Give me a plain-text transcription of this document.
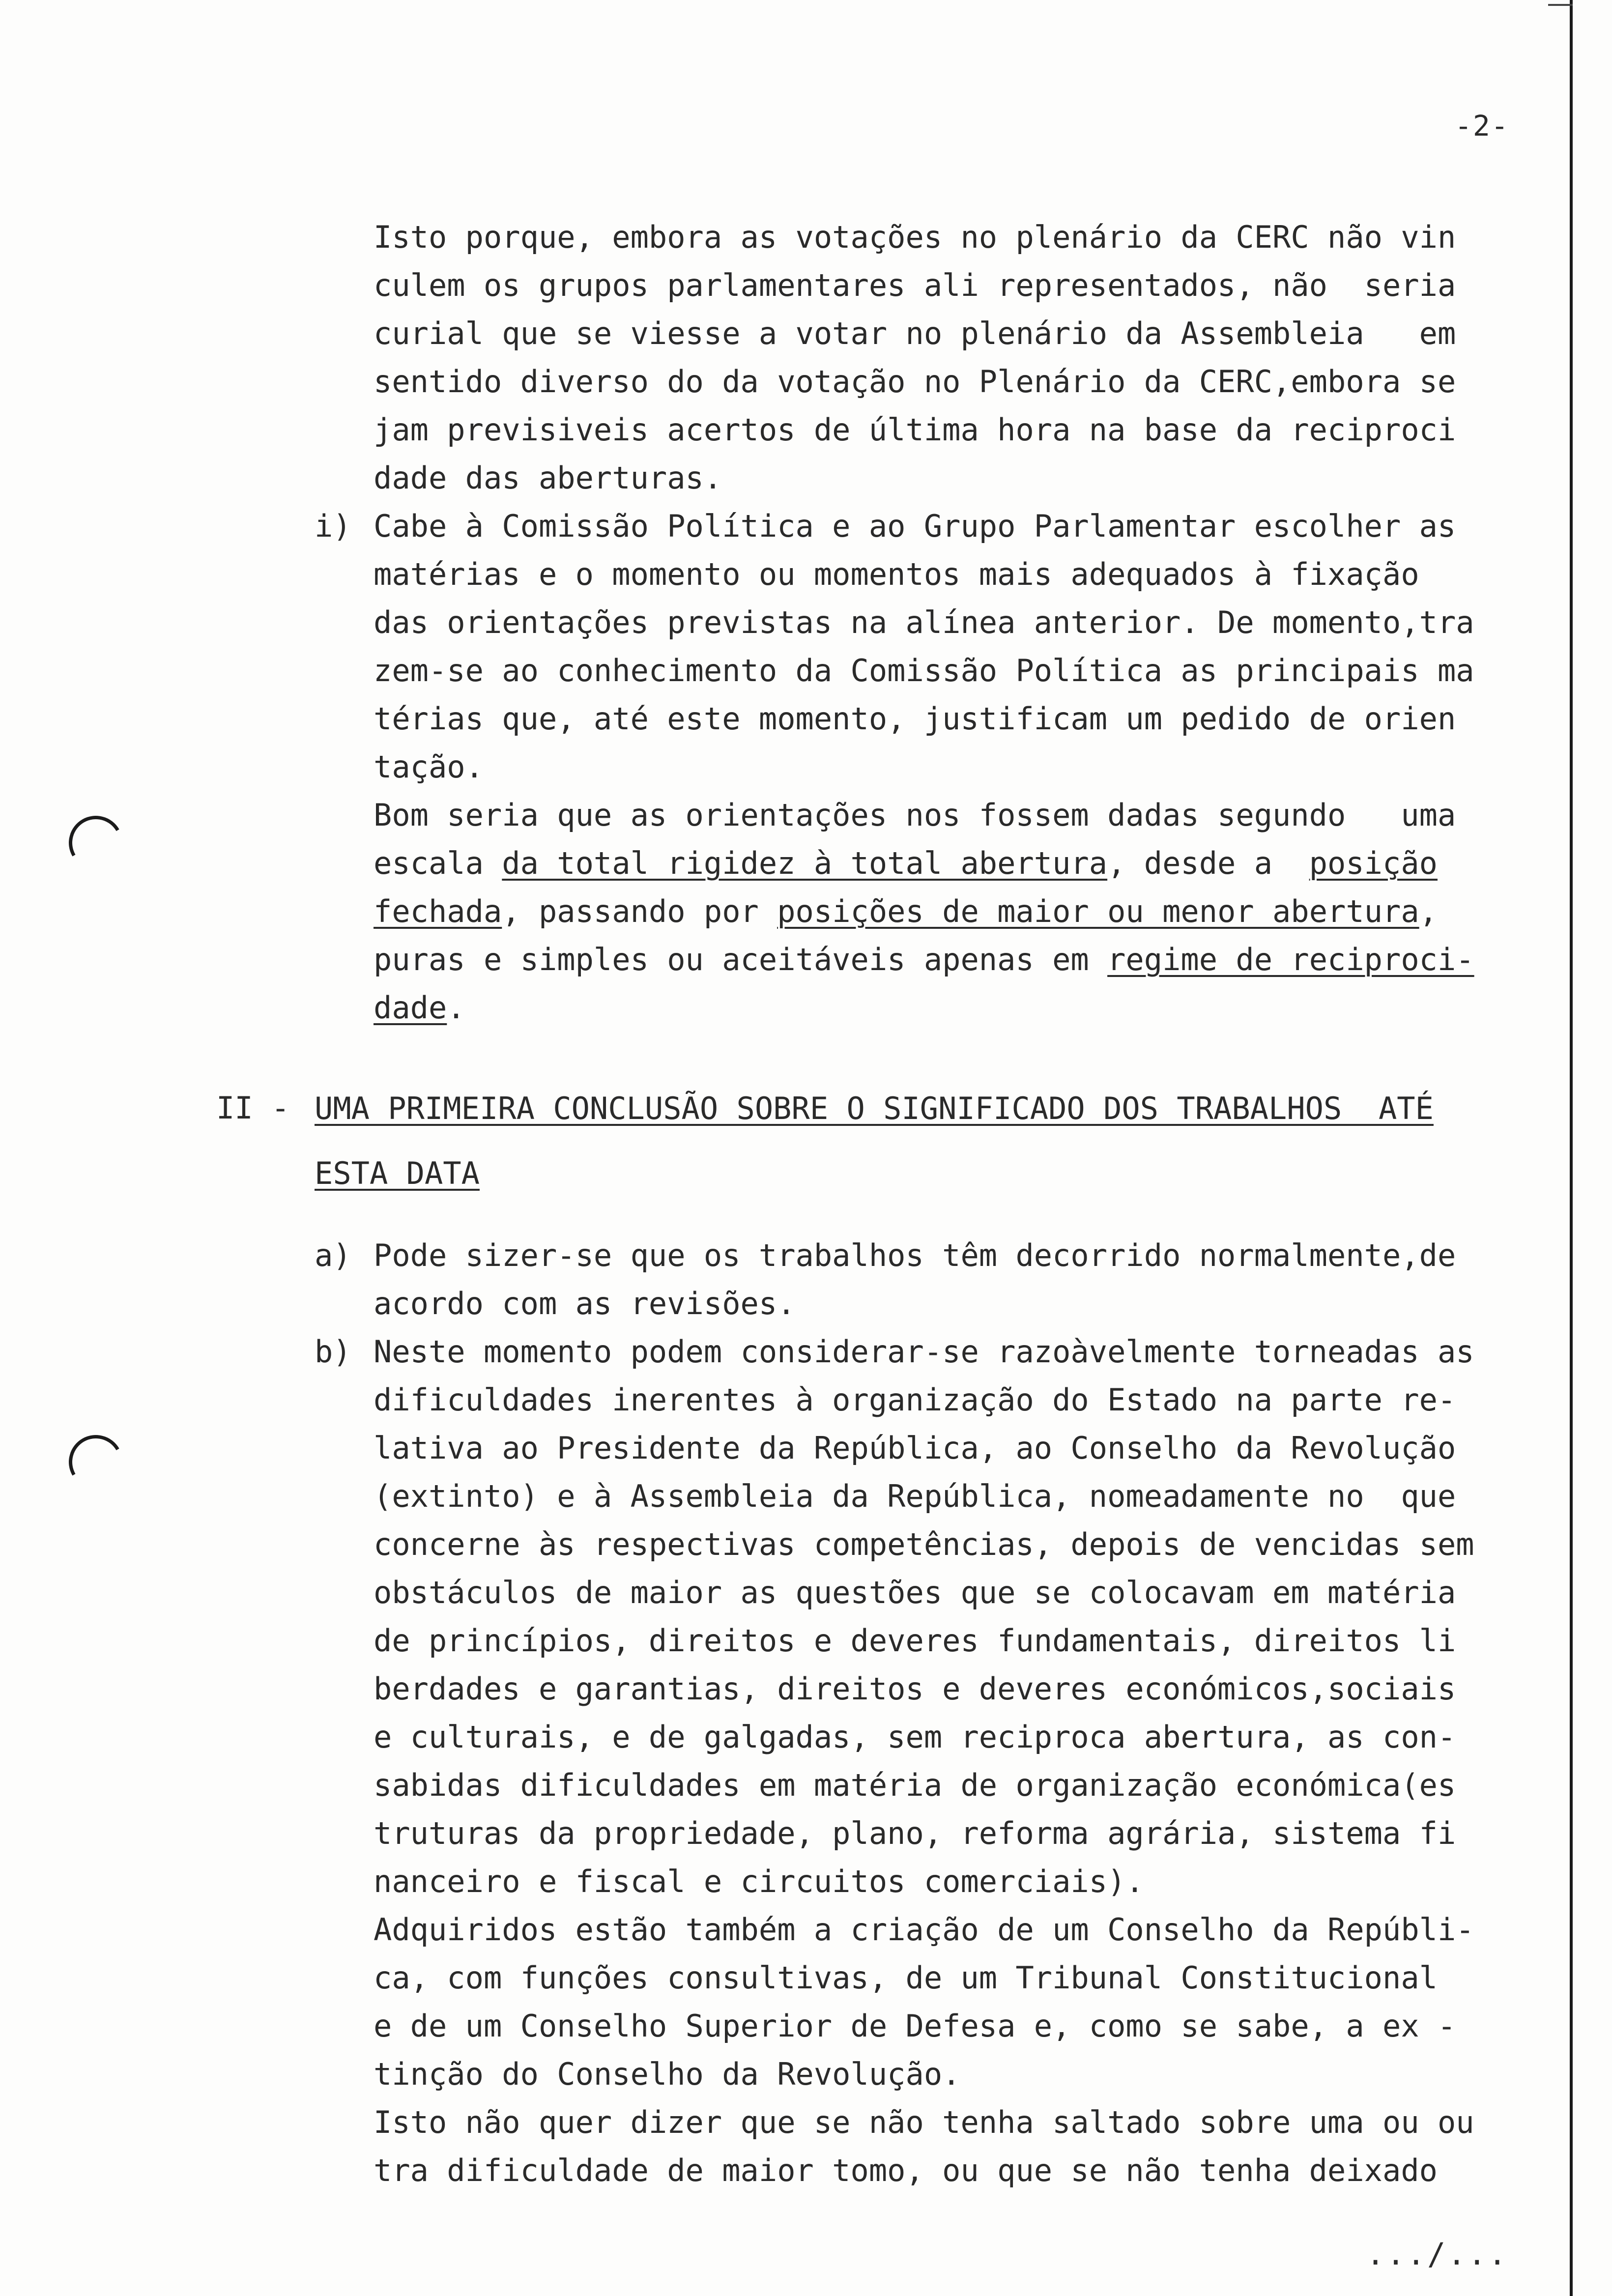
-2-
Isto porque, embora as votações no plenário da CERC não vin
culem os grupos parlamentares ali representados, não  seria
curial que se viesse a votar no plenário da Assembleia   em
sentido diverso do da votação no Plenário da CERC,embora se
jam previsiveis acertos de última hora na base da reciproci
dade das aberturas.
i) Cabe à Comissão Política e ao Grupo Parlamentar escolher as
matérias e o momento ou momentos mais adequados à fixação
das orientações previstas na alínea anterior. De momento,tra
zem-se ao conhecimento da Comissão Política as principais ma
térias que, até este momento, justificam um pedido de orien
tação.
Bom seria que as orientações nos fossem dadas segundo   uma
escala da total rigidez à total abertura, desde a  posição
fechada, passando por posições de maior ou menor abertura,
puras e simples ou aceitáveis apenas em regime de reciproci-
dade.
II - UMA PRIMEIRA CONCLUSÃO SOBRE O SIGNIFICADO DOS TRABALHOS  ATÉ
ESTA DATA
a) Pode sizer-se que os trabalhos têm decorrido normalmente,de
acordo com as revisões.
b) Neste momento podem considerar-se razoàvelmente torneadas as
dificuldades inerentes à organização do Estado na parte re-
lativa ao Presidente da República, ao Conselho da Revolução
(extinto) e à Assembleia da República, nomeadamente no  que
concerne às respectivas competências, depois de vencidas sem
obstáculos de maior as questões que se colocavam em matéria
de princípios, direitos e deveres fundamentais, direitos li
berdades e garantias, direitos e deveres económicos,sociais
e culturais, e de galgadas, sem reciproca abertura, as con-
sabidas dificuldades em matéria de organização económica(es
truturas da propriedade, plano, reforma agrária, sistema fi
nanceiro e fiscal e circuitos comerciais).
Adquiridos estão também a criação de um Conselho da Repúbli-
ca, com funções consultivas, de um Tribunal Constitucional
e de um Conselho Superior de Defesa e, como se sabe, a ex -
tinção do Conselho da Revolução.
Isto não quer dizer que se não tenha saltado sobre uma ou ou
tra dificuldade de maior tomo, ou que se não tenha deixado
.../...
